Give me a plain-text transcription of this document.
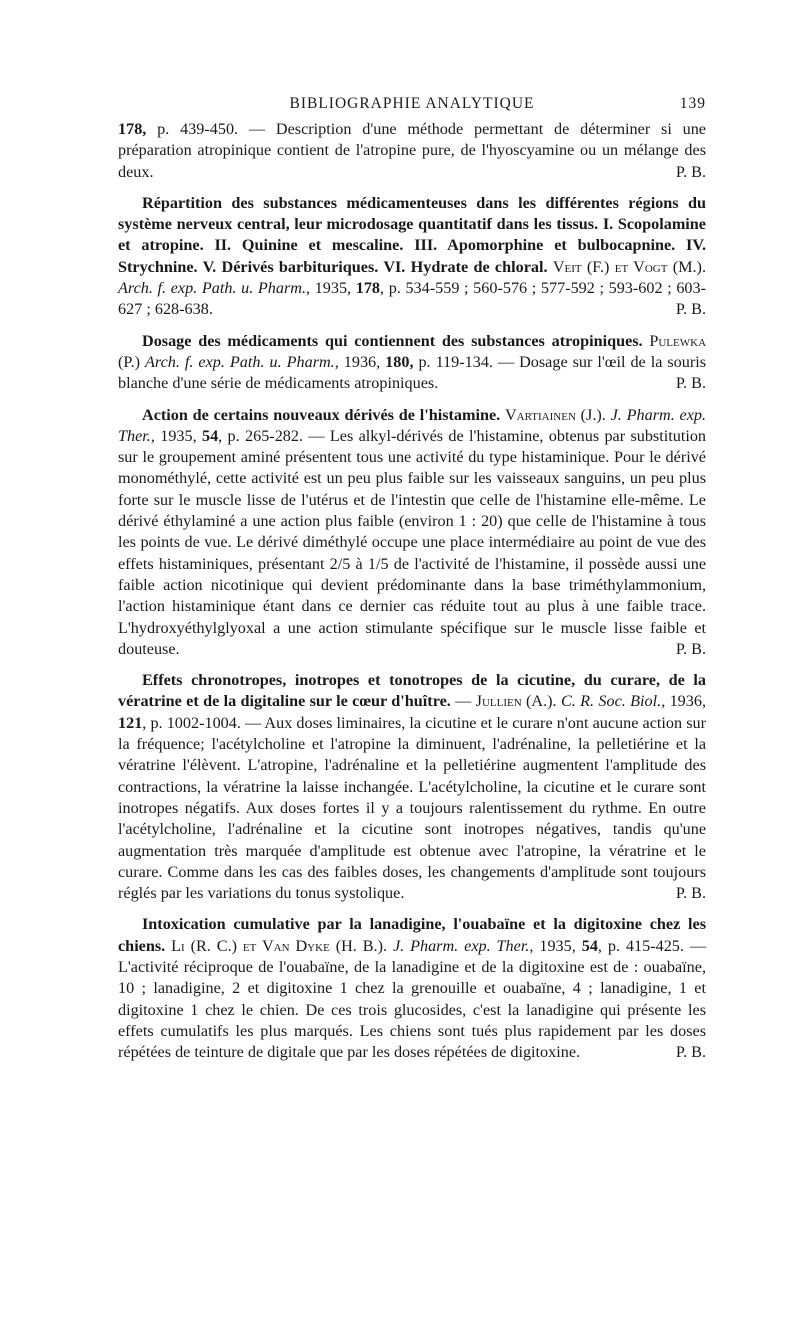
BIBLIOGRAPHIE ANALYTIQUE	139

178, p. 439-450. — Description d'une méthode permettant de déterminer si une préparation atropinique contient de l'atropine pure, de l'hyoscyamine ou un mélange des deux.	P. B.

Répartition des substances médicamenteuses dans les différentes régions du système nerveux central, leur microdosage quantitatif dans les tissus. I. Scopolamine et atropine. II. Quinine et mescaline. III. Apomorphine et bulbocapnine. IV. Strychnine. V. Dérivés barbituriques. VI. Hydrate de chloral. Veit (F.) et Vogt (M.). Arch. f. exp. Path. u. Pharm., 1935, 178, p. 534-559 ; 560-576 ; 577-592 ; 593-602 ; 603-627 ; 628-638.	P. B.

Dosage des médicaments qui contiennent des substances atropiniques. Pulewka (P.) Arch. f. exp. Path. u. Pharm., 1936, 180, p. 119-134. — Dosage sur l'œil de la souris blanche d'une série de médicaments atropiniques.	P. B.

Action de certains nouveaux dérivés de l'histamine. Vartiainen (J.). J. Pharm. exp. Ther., 1935, 54, p. 265-282. — Les alkyl-dérivés de l'histamine, obtenus par substitution sur le groupement aminé présentent tous une activité du type histaminique. Pour le dérivé monométhylé, cette activité est un peu plus faible sur les vaisseaux sanguins, un peu plus forte sur le muscle lisse de l'utérus et de l'intestin que celle de l'histamine elle-même. Le dérivé éthylaminé a une action plus faible (environ 1 : 20) que celle de l'histamine à tous les points de vue. Le dérivé diméthylé occupe une place intermédiaire au point de vue des effets histaminiques, présentant 2/5 à 1/5 de l'activité de l'histamine, il possède aussi une faible action nicotinique qui devient prédominante dans la base triméthylammonium, l'action histaminique étant dans ce dernier cas réduite tout au plus à une faible trace. L'hydroxyéthylglyoxal a une action stimulante spécifique sur le muscle lisse faible et douteuse.	P. B.

Effets chronotropes, inotropes et tonotropes de la cicutine, du curare, de la vératrine et de la digitaline sur le cœur d'huître. — Jullien (A.). C. R. Soc. Biol., 1936, 121, p. 1002-1004. — Aux doses liminaires, la cicutine et le curare n'ont aucune action sur la fréquence; l'acétylcholine et l'atropine la diminuent, l'adrénaline, la pelletiérine et la vératrine l'élèvent. L'atropine, l'adrénaline et la pelletiérine augmentent l'amplitude des contractions, la vératrine la laisse inchangée. L'acétylcholine, la cicutine et le curare sont inotropes négatifs. Aux doses fortes il y a toujours ralentissement du rythme. En outre l'acétylcholine, l'adrénaline et la cicutine sont inotropes négatives, tandis qu'une augmentation très marquée d'amplitude est obtenue avec l'atropine, la vératrine et le curare. Comme dans les cas des faibles doses, les changements d'amplitude sont toujours réglés par les variations du tonus systolique.	P. B.

Intoxication cumulative par la lanadigine, l'ouabaïne et la digitoxine chez les chiens. Li (R. C.) et Van Dyke (H. B.). J. Pharm. exp. Ther., 1935, 54, p. 415-425. — L'activité réciproque de l'ouabaïne, de la lanadigine et de la digitoxine est de : ouabaïne, 10 ; lanadigine, 2 et digitoxine 1 chez la grenouille et ouabaïne, 4 ; lanadigine, 1 et digitoxine 1 chez le chien. De ces trois glucosides, c'est la lanadigine qui présente les effets cumulatifs les plus marqués. Les chiens sont tués plus rapidement par les doses répétées de teinture de digitale que par les doses répétées de digitoxine.	P. B.
